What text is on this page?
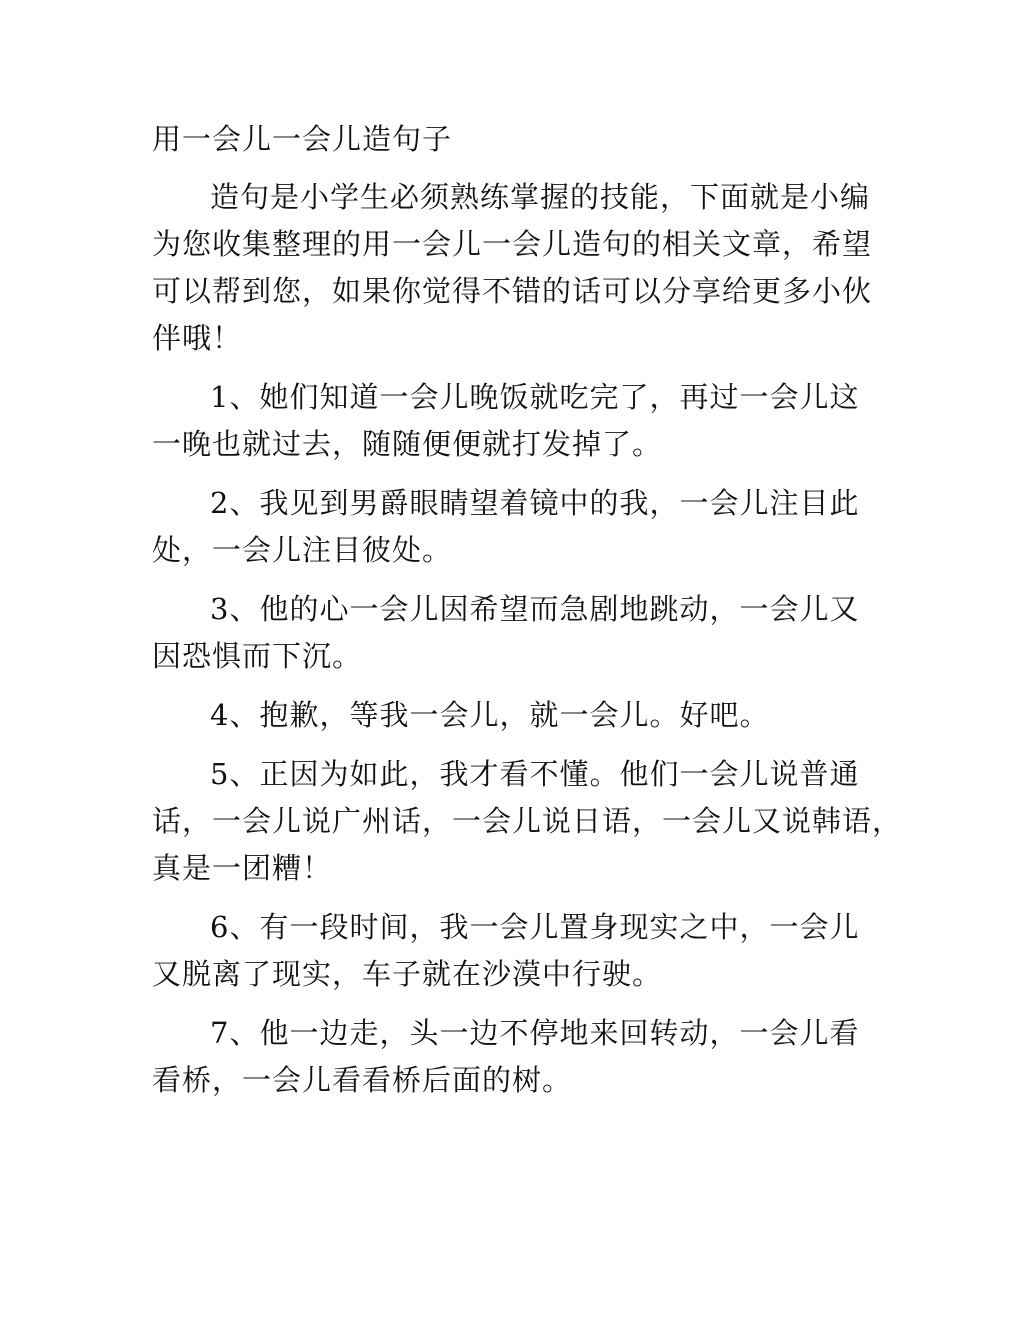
用一会儿一会儿造句子
造句是小学生必须熟练掌握的技能，下面就是小编
为您收集整理的用一会儿一会儿造句的相关文章，希望
可以帮到您，如果你觉得不错的话可以分享给更多小伙
伴哦！
1、她们知道一会儿晚饭就吃完了，再过一会儿这
一晚也就过去，随随便便就打发掉了。
2、我见到男爵眼睛望着镜中的我，一会儿注目此
处，一会儿注目彼处。
3、他的心一会儿因希望而急剧地跳动，一会儿又
因恐惧而下沉。
4、抱歉，等我一会儿，就一会儿。好吧。
5、正因为如此，我才看不懂。他们一会儿说普通
话，一会儿说广州话，一会儿说日语，一会儿又说韩语，
真是一团糟！
6、有一段时间，我一会儿置身现实之中，一会儿
又脱离了现实，车子就在沙漠中行驶。
7、他一边走，头一边不停地来回转动，一会儿看
看桥，一会儿看看桥后面的树。
